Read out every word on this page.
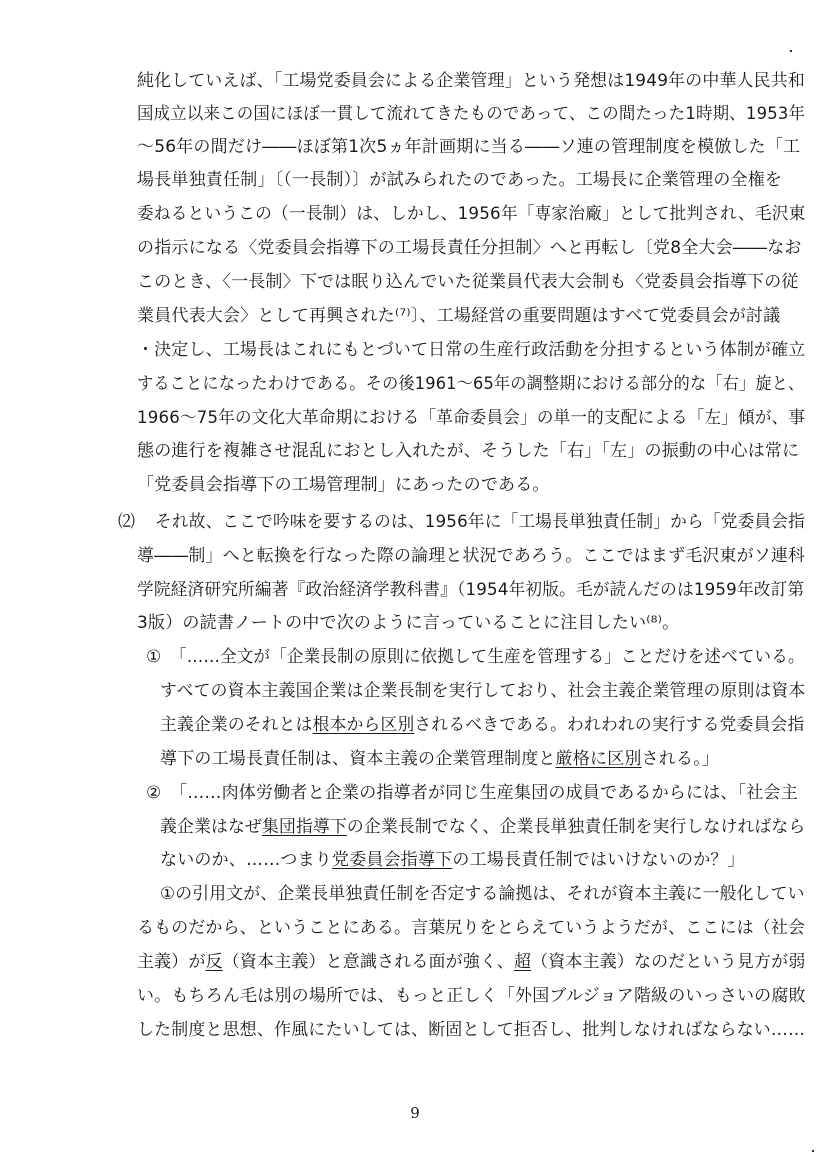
純化していえば、「工場党委員会による企業管理」という発想は1949年の中華人民共和
国成立以来この国にほぼ一貫して流れてきたものであって、この間たった1時期、1953年
～56年の間だけ――ほぼ第1次5ヵ年計画期に当る――ソ連の管理制度を模倣した「工
場長単独責任制」〔（一長制）〕が試みられたのであった。工場長に企業管理の全権を
委ねるというこの（一長制）は、しかし、1956年「専家治廠」として批判され、毛沢東
の指示になる〈党委員会指導下の工場長責任分担制〉へと再転し〔党8全大会――なお
このとき、〈一長制〉下では眠り込んでいた従業員代表大会制も〈党委員会指導下の従
業員代表大会〉として再興された⁽⁷⁾〕、工場経営の重要問題はすべて党委員会が討議
・決定し、工場長はこれにもとづいて日常の生産行政活動を分担するという体制が確立
することになったわけである。その後1961～65年の調整期における部分的な「右」旋と、
1966～75年の文化大革命期における「革命委員会」の単一的支配による「左」傾が、事
態の進行を複雑させ混乱におとし入れたが、そうした「右」「左」の振動の中心は常に
「党委員会指導下の工場管理制」にあったのである。
⑵ それ故、ここで吟味を要するのは、1956年に「工場長単独責任制」から「党委員会指
導――制」へと転換を行なった際の論理と状況であろう。ここではまず毛沢東がソ連科
学院経済研究所編著『政治経済学教科書』（1954年初版。毛が読んだのは1959年改訂第
3版）の読書ノートの中で次のように言っていることに注目したい⁽⁸⁾。
① 「……全文が「企業長制の原則に依拠して生産を管理する」ことだけを述べている。
すべての資本主義国企業は企業長制を実行しており、社会主義企業管理の原則は資本
主義企業のそれとは根本から区別されるべきである。われわれの実行する党委員会指
導下の工場長責任制は、資本主義の企業管理制度と厳格に区別される。」
② 「……肉体労働者と企業の指導者が同じ生産集団の成員であるからには、「社会主
義企業はなぜ集団指導下の企業長制でなく、企業長単独責任制を実行しなければなら
ないのか、……つまり党委員会指導下の工場長責任制ではいけないのか？」
①の引用文が、企業長単独責任制を否定する論拠は、それが資本主義に一般化してい
るものだから、ということにある。言葉尻りをとらえていうようだが、ここには（社会
主義）が反（資本主義）と意識される面が強く、超（資本主義）なのだという見方が弱
い。もちろん毛は別の場所では、もっと正しく「外国ブルジョア階級のいっさいの腐敗
した制度と思想、作風にたいしては、断固として拒否し、批判しなければならない……
9
